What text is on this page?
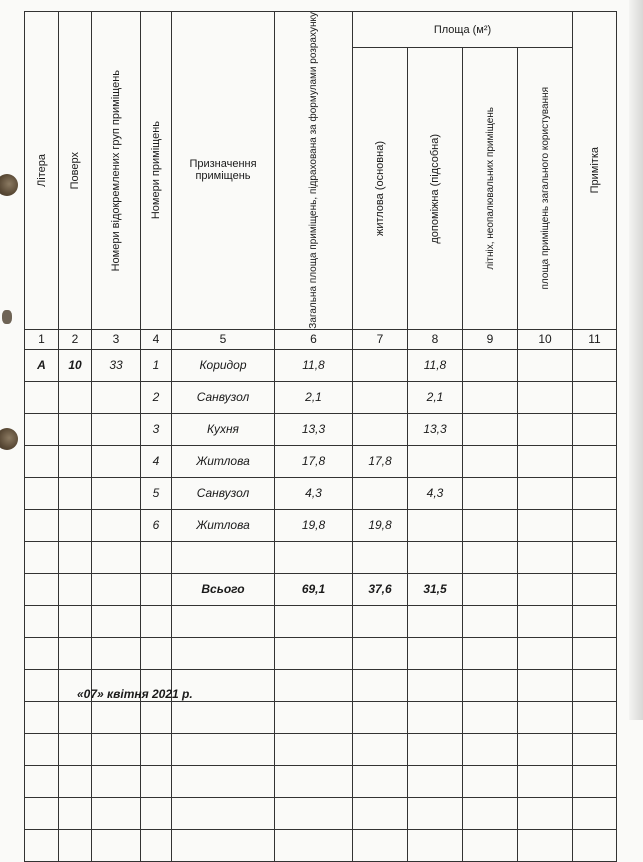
Літера	Поверх	Номери відокремлених груп приміщень	Номери приміщень	Призначення приміщень	Загальна площа приміщень, підрахована за формулами розрахунку	Площа (м²)				Примітка

						житлова (основна)	допоміжна (підсобна)	літніх, неопалювальних приміщень	площа приміщень загального користування	

1	2	3	4	5	6	7	8	9	10	11
А	10	33	1	Коридор	11,8		11,8			
			2	Санвузол	2,1		2,1			
			3	Кухня	13,3		13,3			
			4	Житлова	17,8	17,8				
			5	Санвузол	4,3		4,3			
			6	Житлова	19,8	19,8				

				Всього	69,1	37,6	31,5			

«07» квітня 2021 р.
